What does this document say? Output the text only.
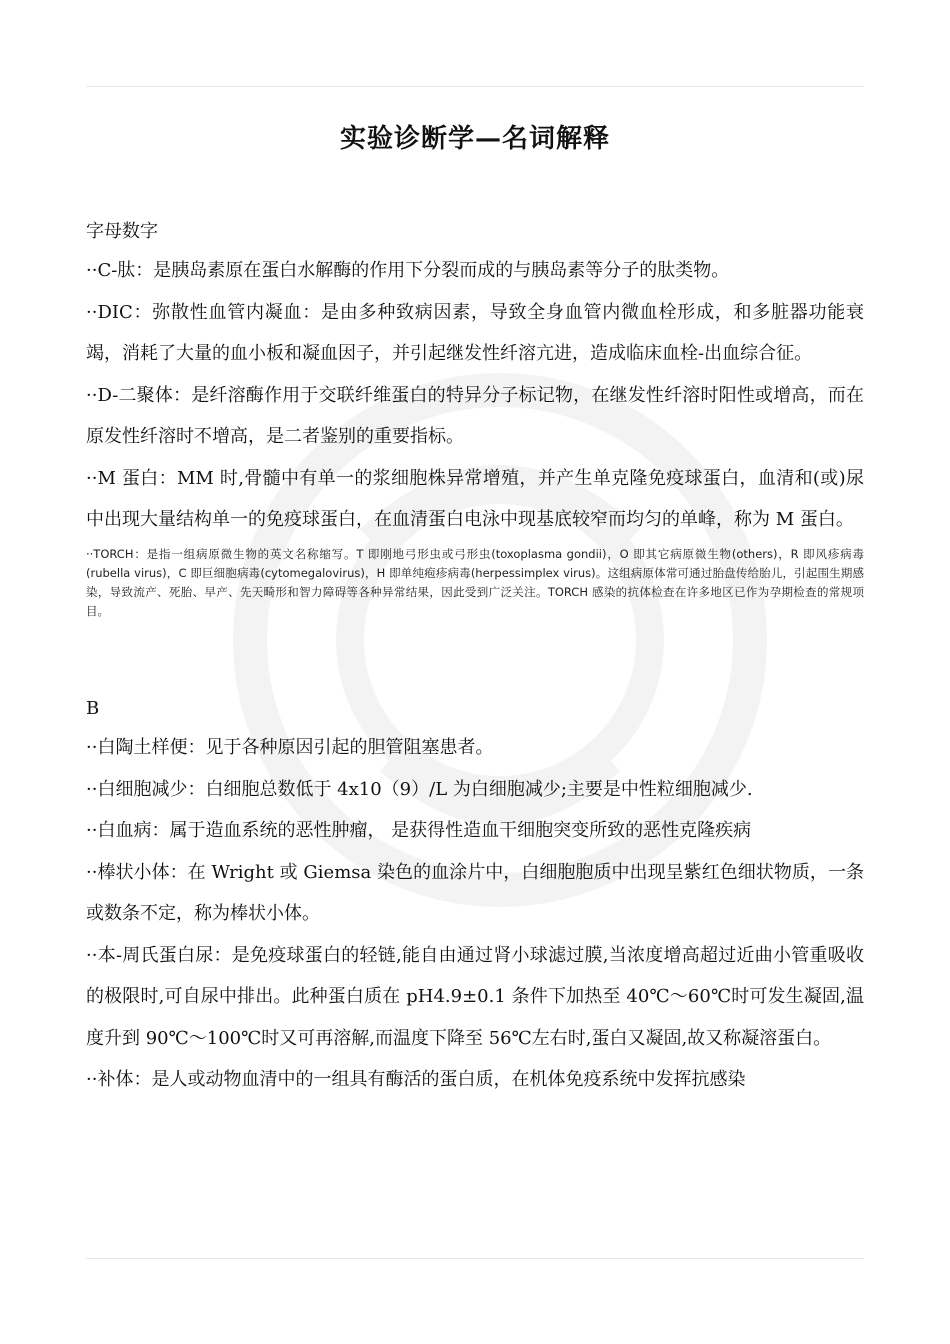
实验诊断学—名词解释

字母数字

··C-肽：是胰岛素原在蛋白水解酶的作用下分裂而成的与胰岛素等分子的肽类物。

··DIC：弥散性血管内凝血：是由多种致病因素，导致全身血管内微血栓形成，和多脏器功能衰竭，消耗了大量的血小板和凝血因子，并引起继发性纤溶亢进，造成临床血栓-出血综合征。

··D-二聚体：是纤溶酶作用于交联纤维蛋白的特异分子标记物，在继发性纤溶时阳性或增高，而在原发性纤溶时不增高，是二者鉴别的重要指标。

··M 蛋白：MM 时,骨髓中有单一的浆细胞株异常增殖，并产生单克隆免疫球蛋白，血清和(或)尿中出现大量结构单一的免疫球蛋白，在血清蛋白电泳中现基底较窄而均匀的单峰，称为 M 蛋白。

··TORCH：是指一组病原微生物的英文名称缩写。T 即刚地弓形虫或弓形虫(toxoplasma gondii)，O 即其它病原微生物(others)，R 即风疹病毒(rubella virus)，C 即巨细胞病毒(cytomegalovirus)，H 即单纯疱疹病毒(herpessimplex virus)。这组病原体常可通过胎盘传给胎儿，引起围生期感染，导致流产、死胎、早产、先天畸形和智力障碍等各种异常结果，因此受到广泛关注。TORCH 感染的抗体检查在许多地区已作为孕期检查的常规项目。

B

··白陶土样便：见于各种原因引起的胆管阻塞患者。

··白细胞减少：白细胞总数低于 4x10（9）/L 为白细胞减少;主要是中性粒细胞减少.

··白血病：属于造血系统的恶性肿瘤， 是获得性造血干细胞突变所致的恶性克隆疾病

··棒状小体：在 Wright 或 Giemsa 染色的血涂片中，白细胞胞质中出现呈紫红色细状物质，一条或数条不定，称为棒状小体。

··本-周氏蛋白尿：是免疫球蛋白的轻链,能自由通过肾小球滤过膜,当浓度增高超过近曲小管重吸收的极限时,可自尿中排出。此种蛋白质在 pH4.9±0.1 条件下加热至 40℃～60℃时可发生凝固,温度升到 90℃～100℃时又可再溶解,而温度下降至 56℃左右时,蛋白又凝固,故又称凝溶蛋白。

··补体：是人或动物血清中的一组具有酶活的蛋白质，在机体免疫系统中发挥抗感染
